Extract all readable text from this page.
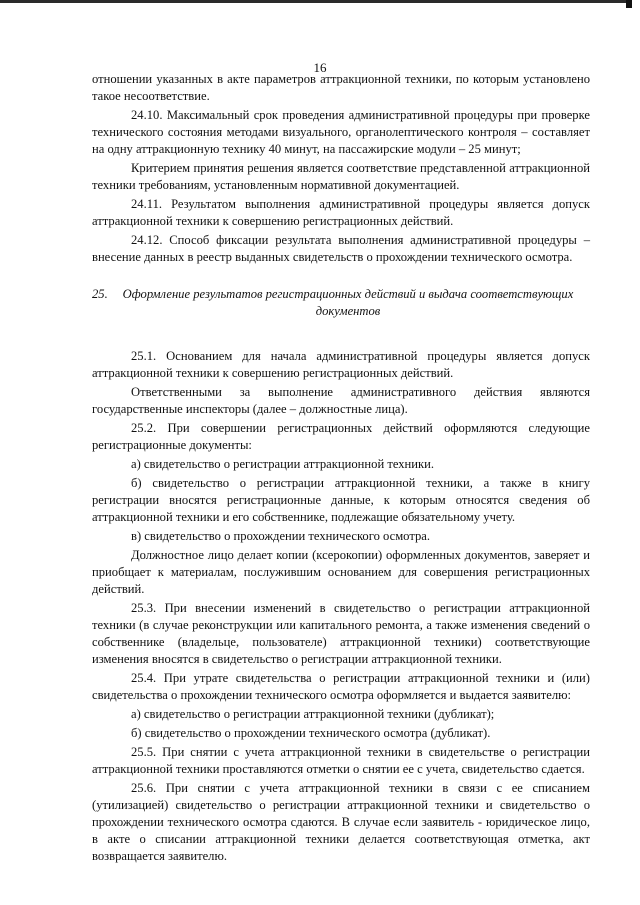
16

отношении указанных в акте параметров аттракционной техники, по которым установлено такое несоответствие.

24.10. Максимальный срок проведения административной процедуры при проверке технического состояния методами визуального, органолептического контроля – составляет на одну аттракционную технику 40 минут, на пассажирские модули – 25 минут;

Критерием принятия решения является соответствие представленной аттракционной техники требованиям, установленным нормативной документацией.

24.11. Результатом выполнения административной процедуры является допуск аттракционной техники к совершению регистрационных действий.

24.12. Способ фиксации результата выполнения административной процедуры – внесение данных в реестр выданных свидетельств о прохождении технического осмотра.

25. Оформление результатов регистрационных действий и выдача соответствующих документов

25.1. Основанием для начала административной процедуры является допуск аттракционной техники к совершению регистрационных действий.

Ответственными за выполнение административного действия являются государственные инспекторы (далее – должностные лица).

25.2. При совершении регистрационных действий оформляются следующие регистрационные документы:

а) свидетельство о регистрации аттракционной техники.

б) свидетельство о регистрации аттракционной техники, а также в книгу регистрации вносятся регистрационные данные, к которым относятся сведения об аттракционной техники и его собственнике, подлежащие обязательному учету.

в) свидетельство о прохождении технического осмотра.

Должностное лицо делает копии (ксерокопии) оформленных документов, заверяет и приобщает к материалам, послужившим основанием для совершения регистрационных действий.

25.3. При внесении изменений в свидетельство о регистрации аттракционной техники (в случае реконструкции или капитального ремонта, а также изменения сведений о собственнике (владельце, пользователе) аттракционной техники) соответствующие изменения вносятся в свидетельство о регистрации аттракционной техники.

25.4. При утрате свидетельства о регистрации аттракционной техники и (или) свидетельства о прохождении технического осмотра оформляется и выдается заявителю:

а) свидетельство о регистрации аттракционной техники (дубликат);

б) свидетельство о прохождении технического осмотра (дубликат).

25.5. При снятии с учета аттракционной техники в свидетельстве о регистрации аттракционной техники проставляются отметки о снятии ее с учета, свидетельство сдается.

25.6. При снятии с учета аттракционной техники в связи с ее списанием (утилизацией) свидетельство о регистрации аттракционной техники и свидетельство о прохождении технического осмотра сдаются. В случае если заявитель - юридическое лицо, в акте о списании аттракционной техники делается соответствующая отметка, акт возвращается заявителю.
